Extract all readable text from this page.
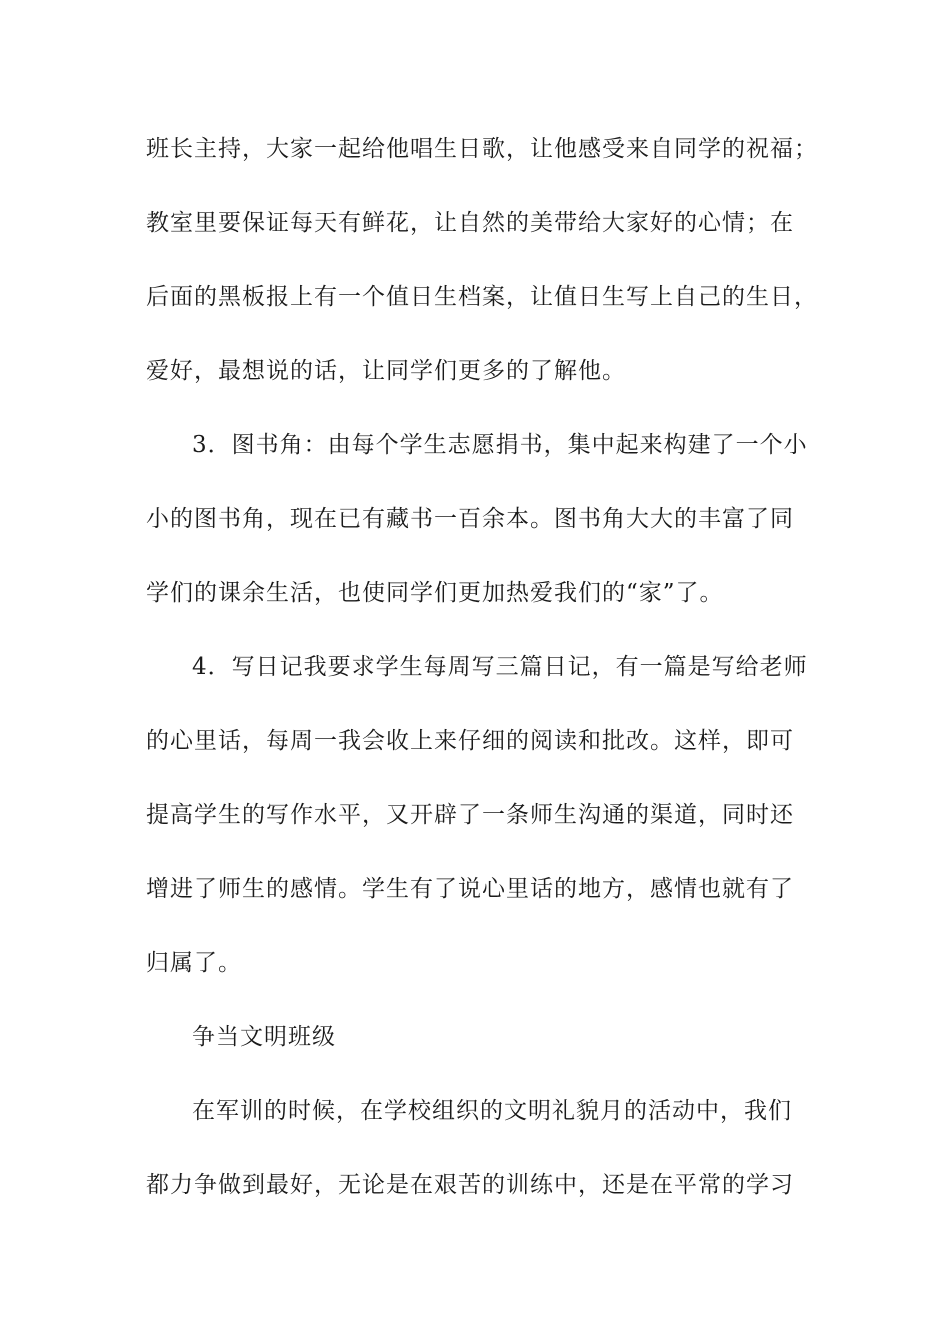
班长主持，大家一起给他唱生日歌，让他感受来自同学的祝福；
教室里要保证每天有鲜花，让自然的美带给大家好的心情；在
后面的黑板报上有一个值日生档案，让值日生写上自己的生日，
爱好，最想说的话，让同学们更多的了解他。
3．图书角：由每个学生志愿捐书，集中起来构建了一个小
小的图书角，现在已有藏书一百余本。图书角大大的丰富了同
学们的课余生活，也使同学们更加热爱我们的“家”了。
4．写日记我要求学生每周写三篇日记，有一篇是写给老师
的心里话，每周一我会收上来仔细的阅读和批改。这样，即可
提高学生的写作水平，又开辟了一条师生沟通的渠道，同时还
增进了师生的感情。学生有了说心里话的地方，感情也就有了
归属了。
争当文明班级
在军训的时候，在学校组织的文明礼貌月的活动中，我们
都力争做到最好，无论是在艰苦的训练中，还是在平常的学习
